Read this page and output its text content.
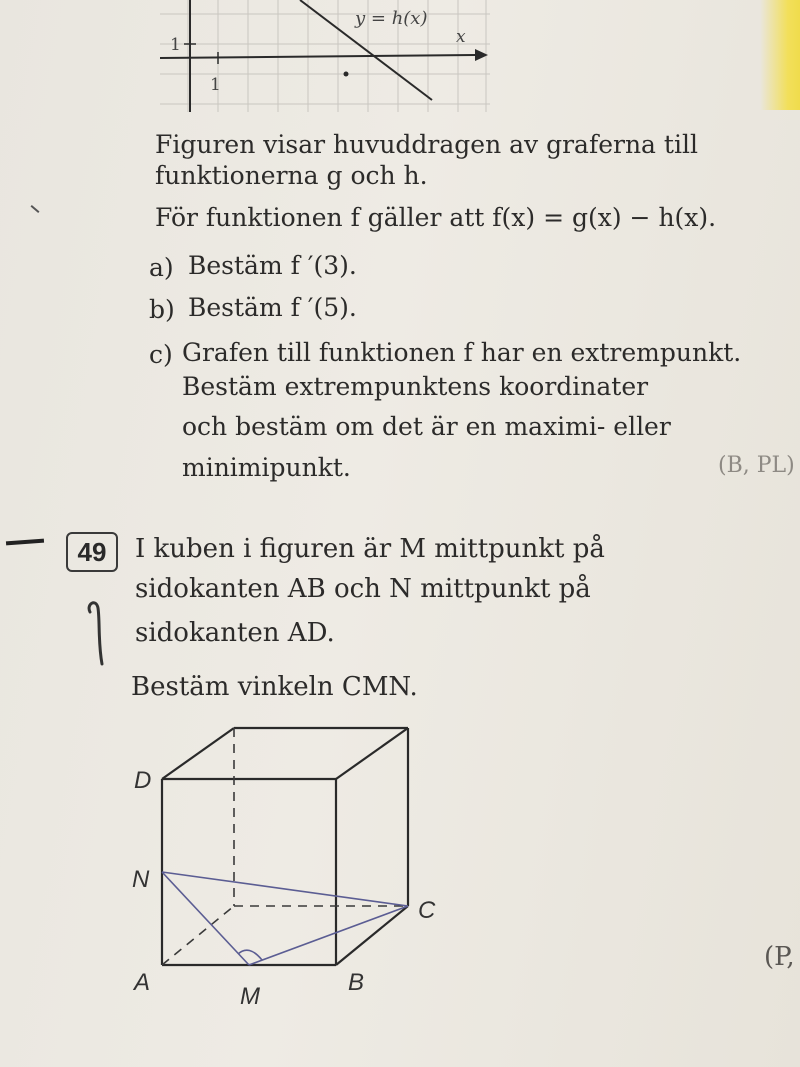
y = h(x)
x
1
1
Figuren visar huvuddragen av graferna till
funktionerna g och h.
För funktionen f gäller att f(x) = g(x) − h(x).
a) Bestäm f ′(3).
b) Bestäm f ′(5).
c) Grafen till funktionen f har en extrempunkt.
Bestäm extrempunktens koordinater
och bestäm om det är en maximi- eller
minimipunkt.	(B, PL)
49	I kuben i figuren är M mittpunkt på
sidokanten AB och N mittpunkt på
sidokanten AD.
Bestäm vinkeln CMN.
D
N
C
A
M
B
(P,
